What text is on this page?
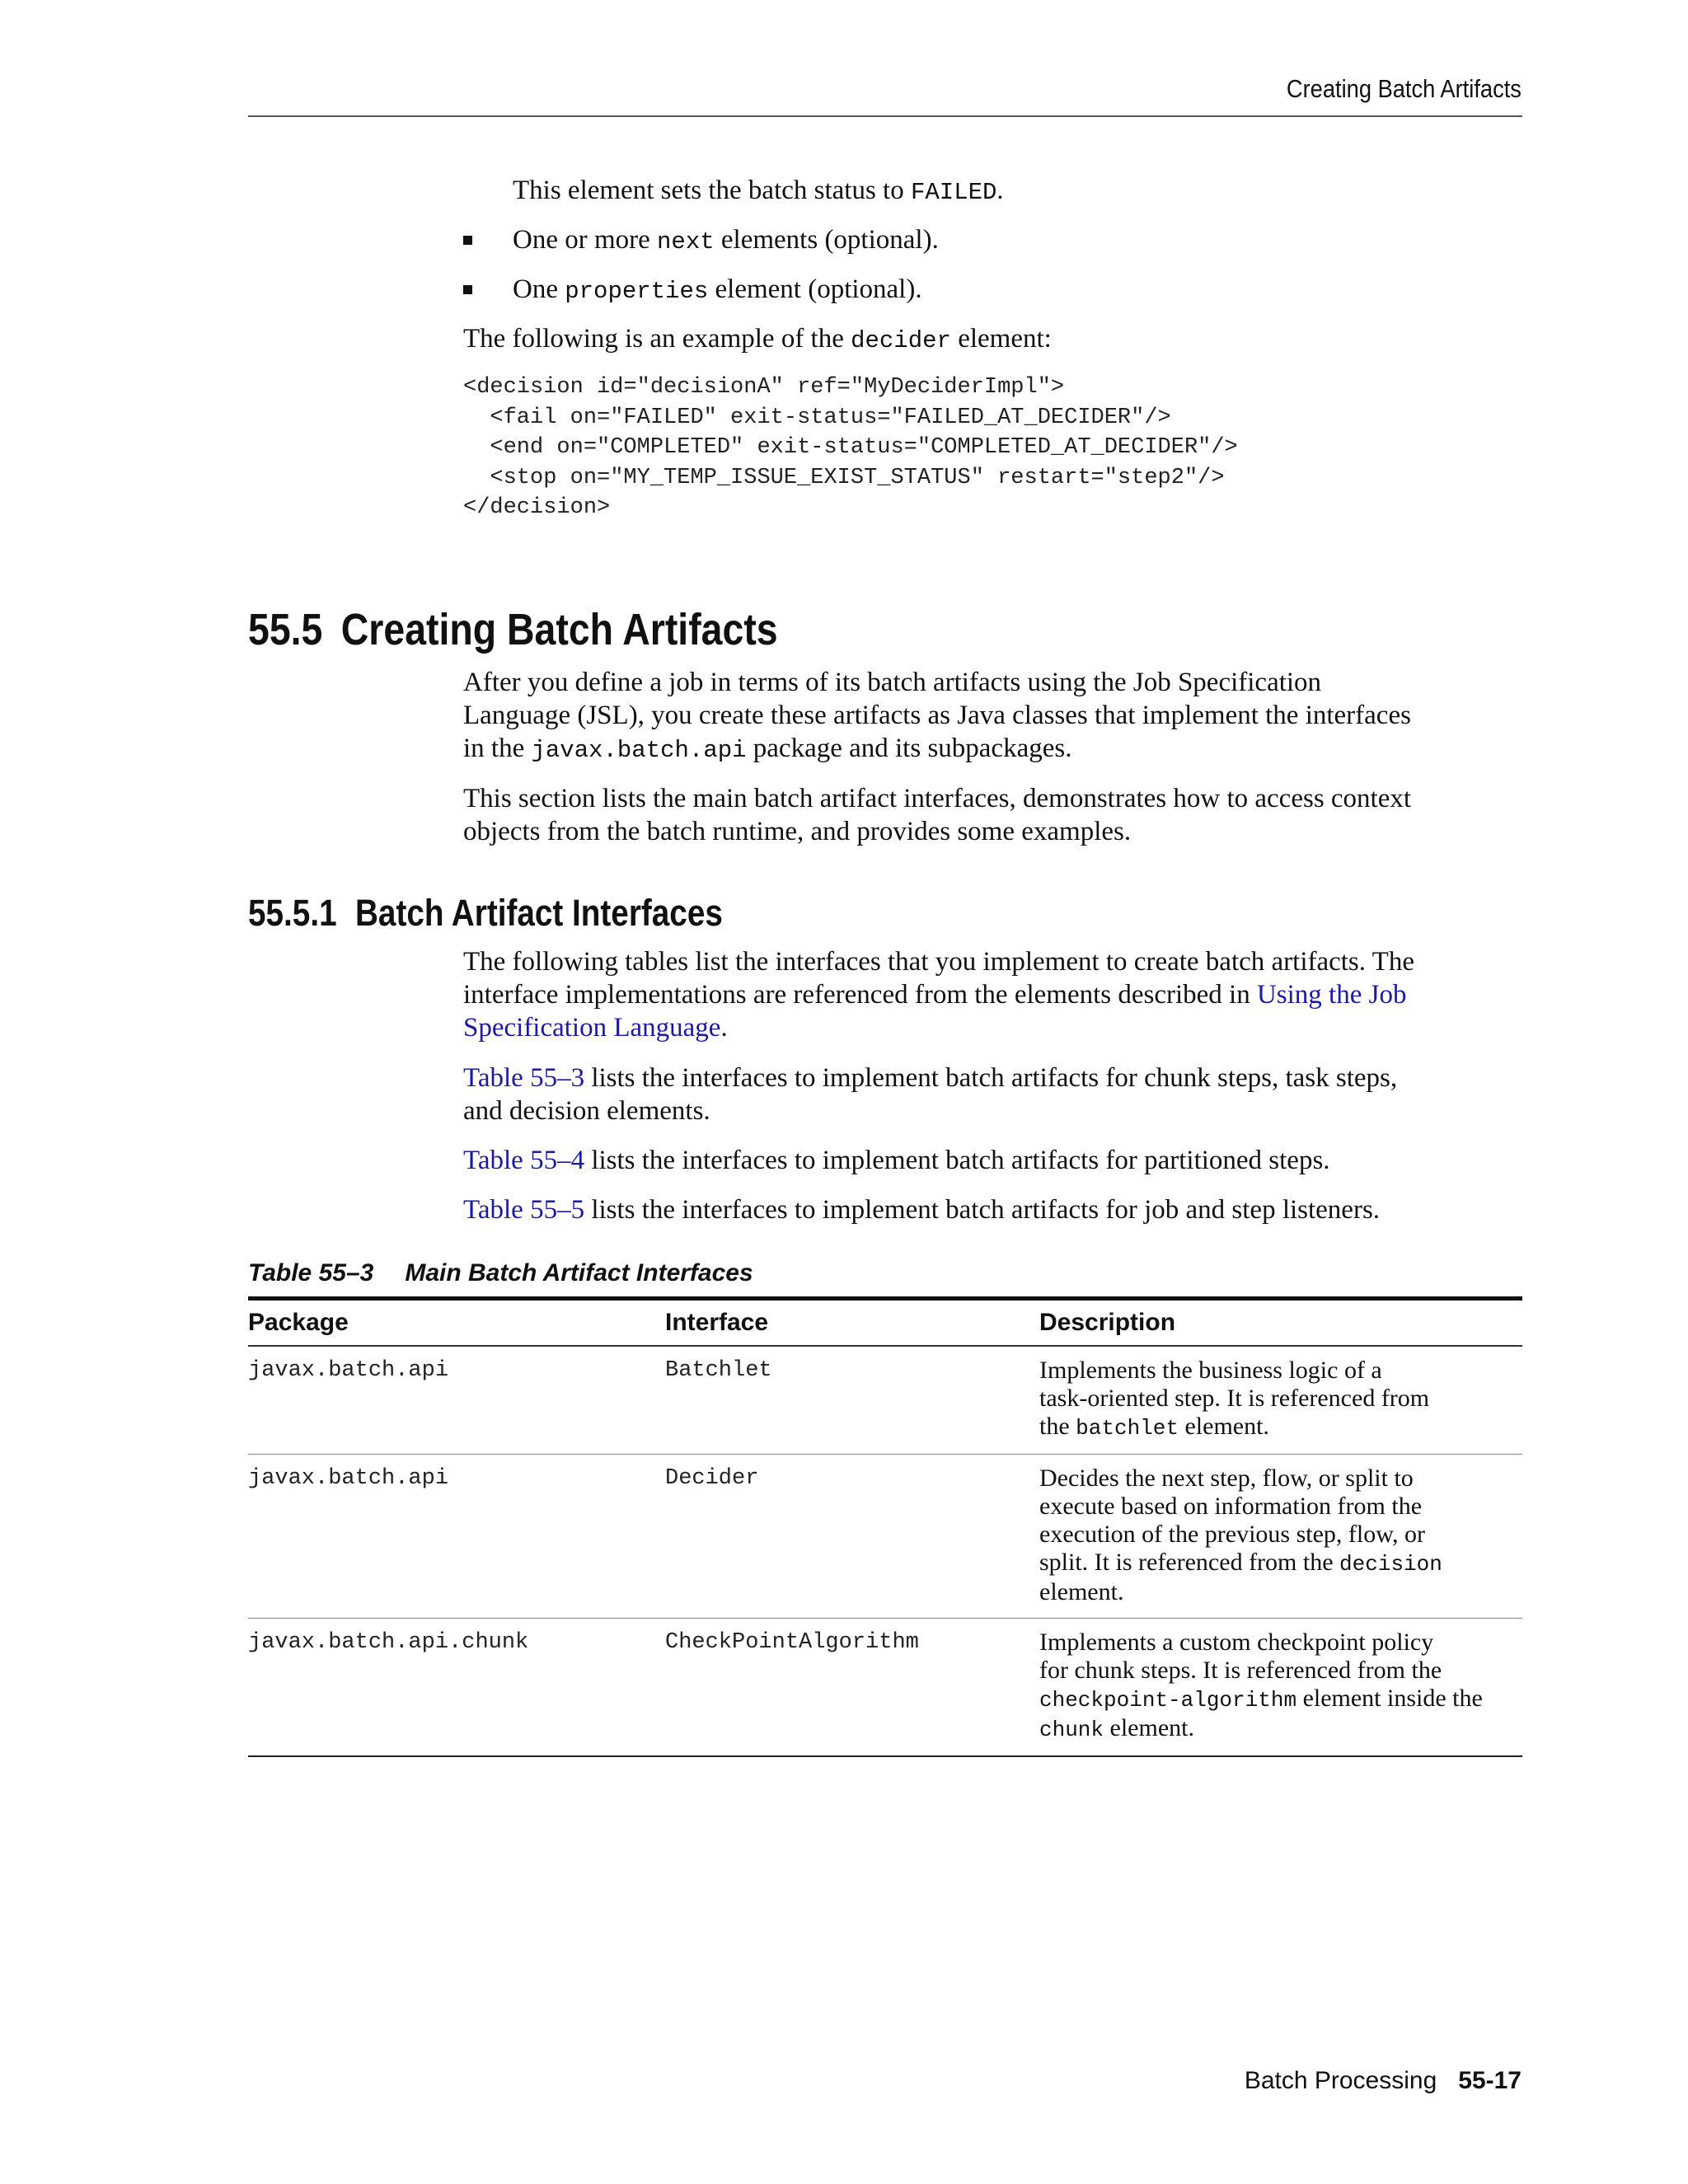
Creating Batch Artifacts
This element sets the batch status to FAILED.
One or more next elements (optional).
One properties element (optional).
The following is an example of the decider element:
<decision id="decisionA" ref="MyDeciderImpl">
<fail on="FAILED" exit-status="FAILED_AT_DECIDER"/>
<end on="COMPLETED" exit-status="COMPLETED_AT_DECIDER"/>
<stop on="MY_TEMP_ISSUE_EXIST_STATUS" restart="step2"/>
</decision>
55.5 Creating Batch Artifacts
After you define a job in terms of its batch artifacts using the Job Specification
Language (JSL), you create these artifacts as Java classes that implement the interfaces
in the javax.batch.api package and its subpackages.
This section lists the main batch artifact interfaces, demonstrates how to access context
objects from the batch runtime, and provides some examples.
55.5.1 Batch Artifact Interfaces
The following tables list the interfaces that you implement to create batch artifacts. The
interface implementations are referenced from the elements described in Using the Job
Specification Language.
Table 55–3 lists the interfaces to implement batch artifacts for chunk steps, task steps,
and decision elements.
Table 55–4 lists the interfaces to implement batch artifacts for partitioned steps.
Table 55–5 lists the interfaces to implement batch artifacts for job and step listeners.
Table 55–3 Main Batch Artifact Interfaces
Package	Interface	Description
javax.batch.api	Batchlet	Implements the business logic of a
task-oriented step. It is referenced from
the batchlet element.

javax.batch.api	Decider	Decides the next step, flow, or split to
execute based on information from the
execution of the previous step, flow, or
split. It is referenced from the decision
element.

javax.batch.api.chunk	CheckPointAlgorithm	Implements a custom checkpoint policy
for chunk steps. It is referenced from the
checkpoint-algorithm element inside the
chunk element.
Batch Processing 55-17
